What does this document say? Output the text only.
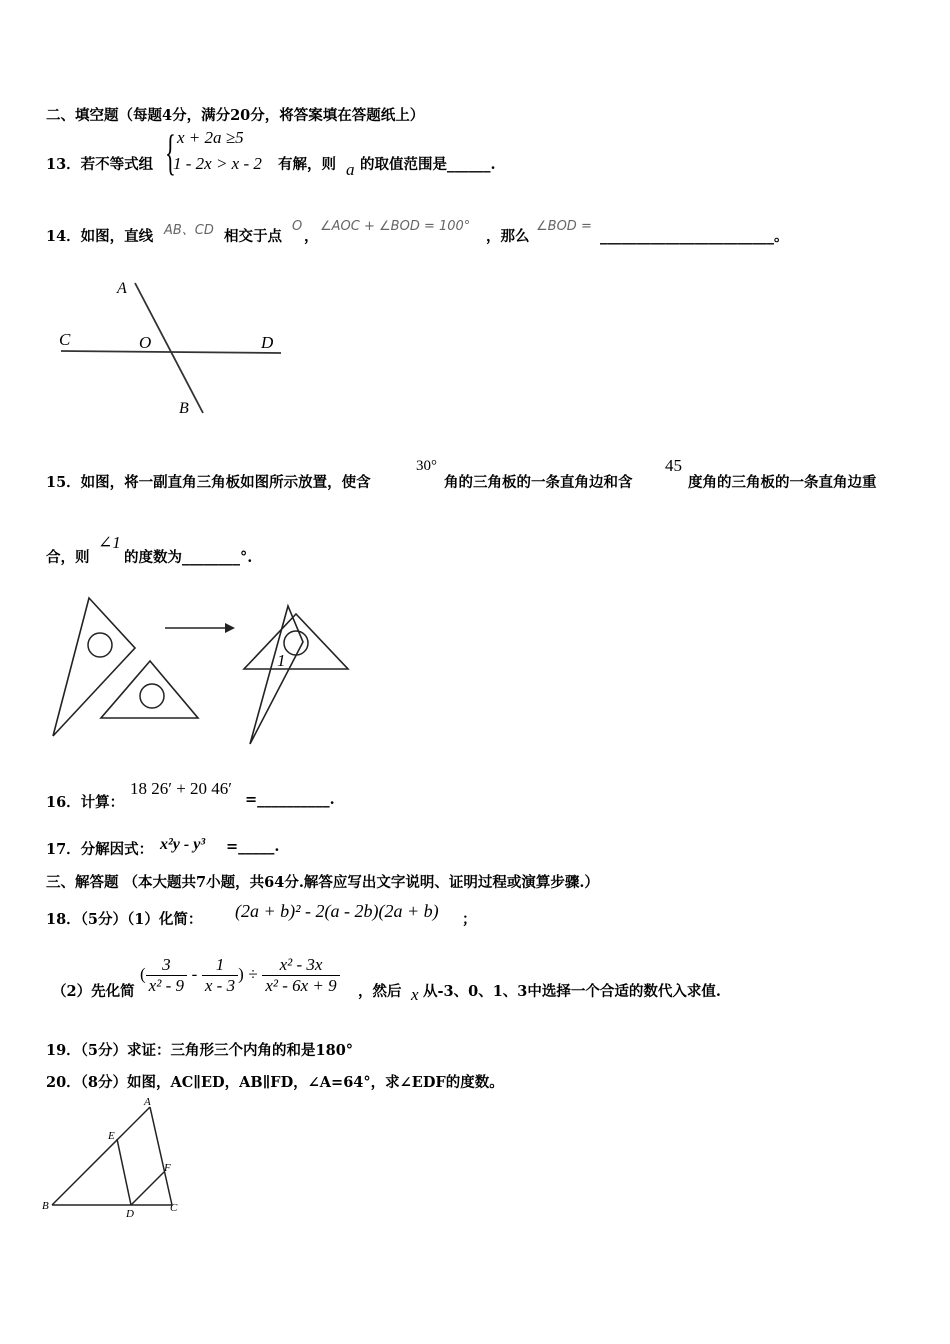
二、填空题（每题4分，满分20分，将答案填在答题纸上）
13．若不等式组 { x + 2a ≥5
1 - 2x > x - 2 有解，则 a 的取值范围是______.
14．如图，直线 AB、CD 相交于点
O
，
∠AOC + ∠BOD = 100°
，那么
∠BOD =
________________________。
A
C	O	D
B
15．如图，将一副直角三角板如图所示放置，使含
30°
角的三角板的一条直角边和含
45
度角的三角板的一条直角边重
合，则
∠1
的度数为________°.
1
16．计算：
18 26′ + 20 46′
=__________.
17．分解因式： x²y - y³ =_____.
三、解答题 （本大题共7小题，共64分.解答应写出文字说明、证明过程或演算步骤.）
18．（5分）（1）化简： (2a + b)² - 2(a - 2b)(2a + b) ；
（2）先化简
( $\frac{3}{\text{x² - 9}} - \frac{1}{x - 3}$ ) ÷ $\frac{\text{x² - 3x}}{\text{x² - 6x + 9}}$ ，然后 x 从-3、0、1、3中选择一个合适的数代入求值.
19．（5分）求证：三角形三个内角的和是180°
20．（8分）如图，AC∥ED，AB∥FD，∠A=64°，求∠EDF的度数。
A
B	C
D
E
F
